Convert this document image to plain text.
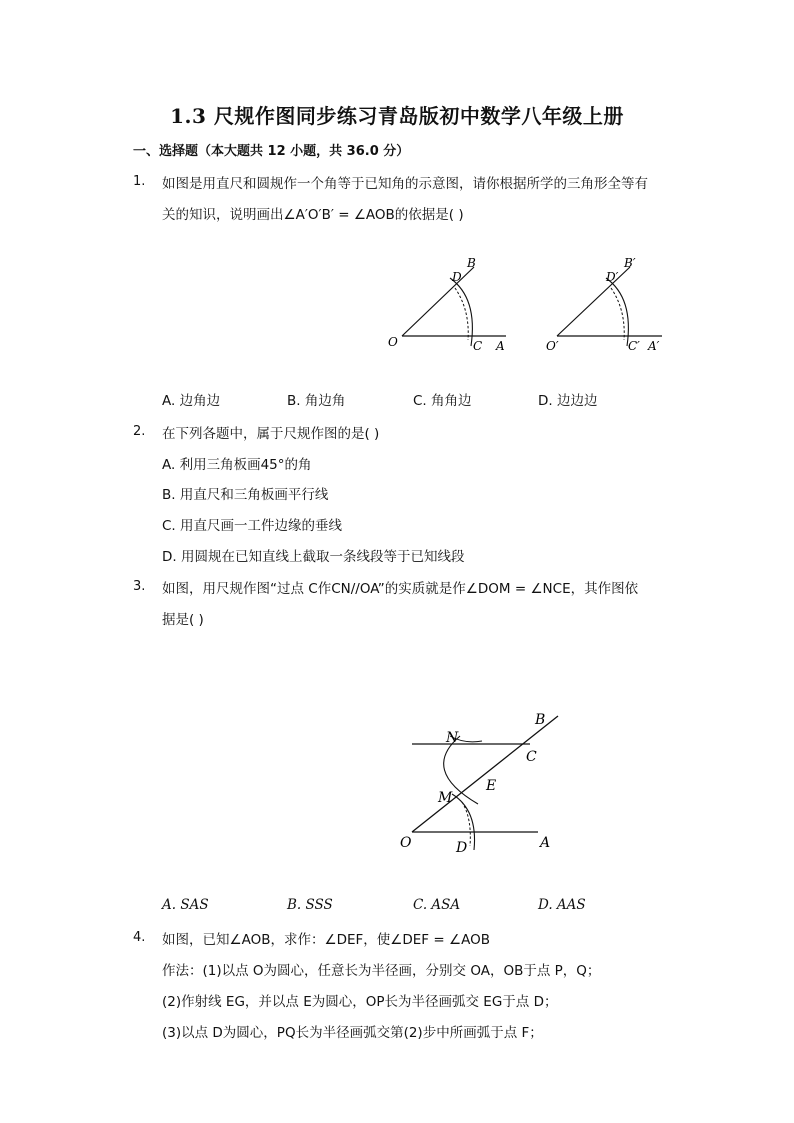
1.3 尺规作图同步练习青岛版初中数学八年级上册
一、选择题（本大题共 12 小题，共 36.0 分）
1. 如图是用直尺和圆规作一个角等于已知角的示意图，请你根据所学的三角形全等有
关的知识，说明画出∠A′O′B′ = ∠AOB的依据是( )
B
D
O	C A
B′
D′
O′	C′ A′
A. 边角边	B. 角边角	C. 角角边	D. 边边边
2. 在下列各题中，属于尺规作图的是( )
A. 利用三角板画45°的角
B. 用直尺和三角板画平行线
C. 用直尺画一工件边缘的垂线
D. 用圆规在已知直线上截取一条线段等于已知线段
3. 如图，用尺规作图“过点 C作CN//OA”的实质就是作∠DOM = ∠NCE，其作图依
据是( )
B
N
C
E
M
O	D	A
A. SAS	B. SSS	C. ASA	D. AAS
4. 如图，已知∠AOB，求作：∠DEF，使∠DEF = ∠AOB
作法：(1)以点 O为圆心，任意长为半径画，分别交 OA，OB于点 P，Q；
(2)作射线 EG，并以点 E为圆心，OP长为半径画弧交 EG于点 D；
(3)以点 D为圆心，PQ长为半径画弧交第(2)步中所画弧于点 F；
